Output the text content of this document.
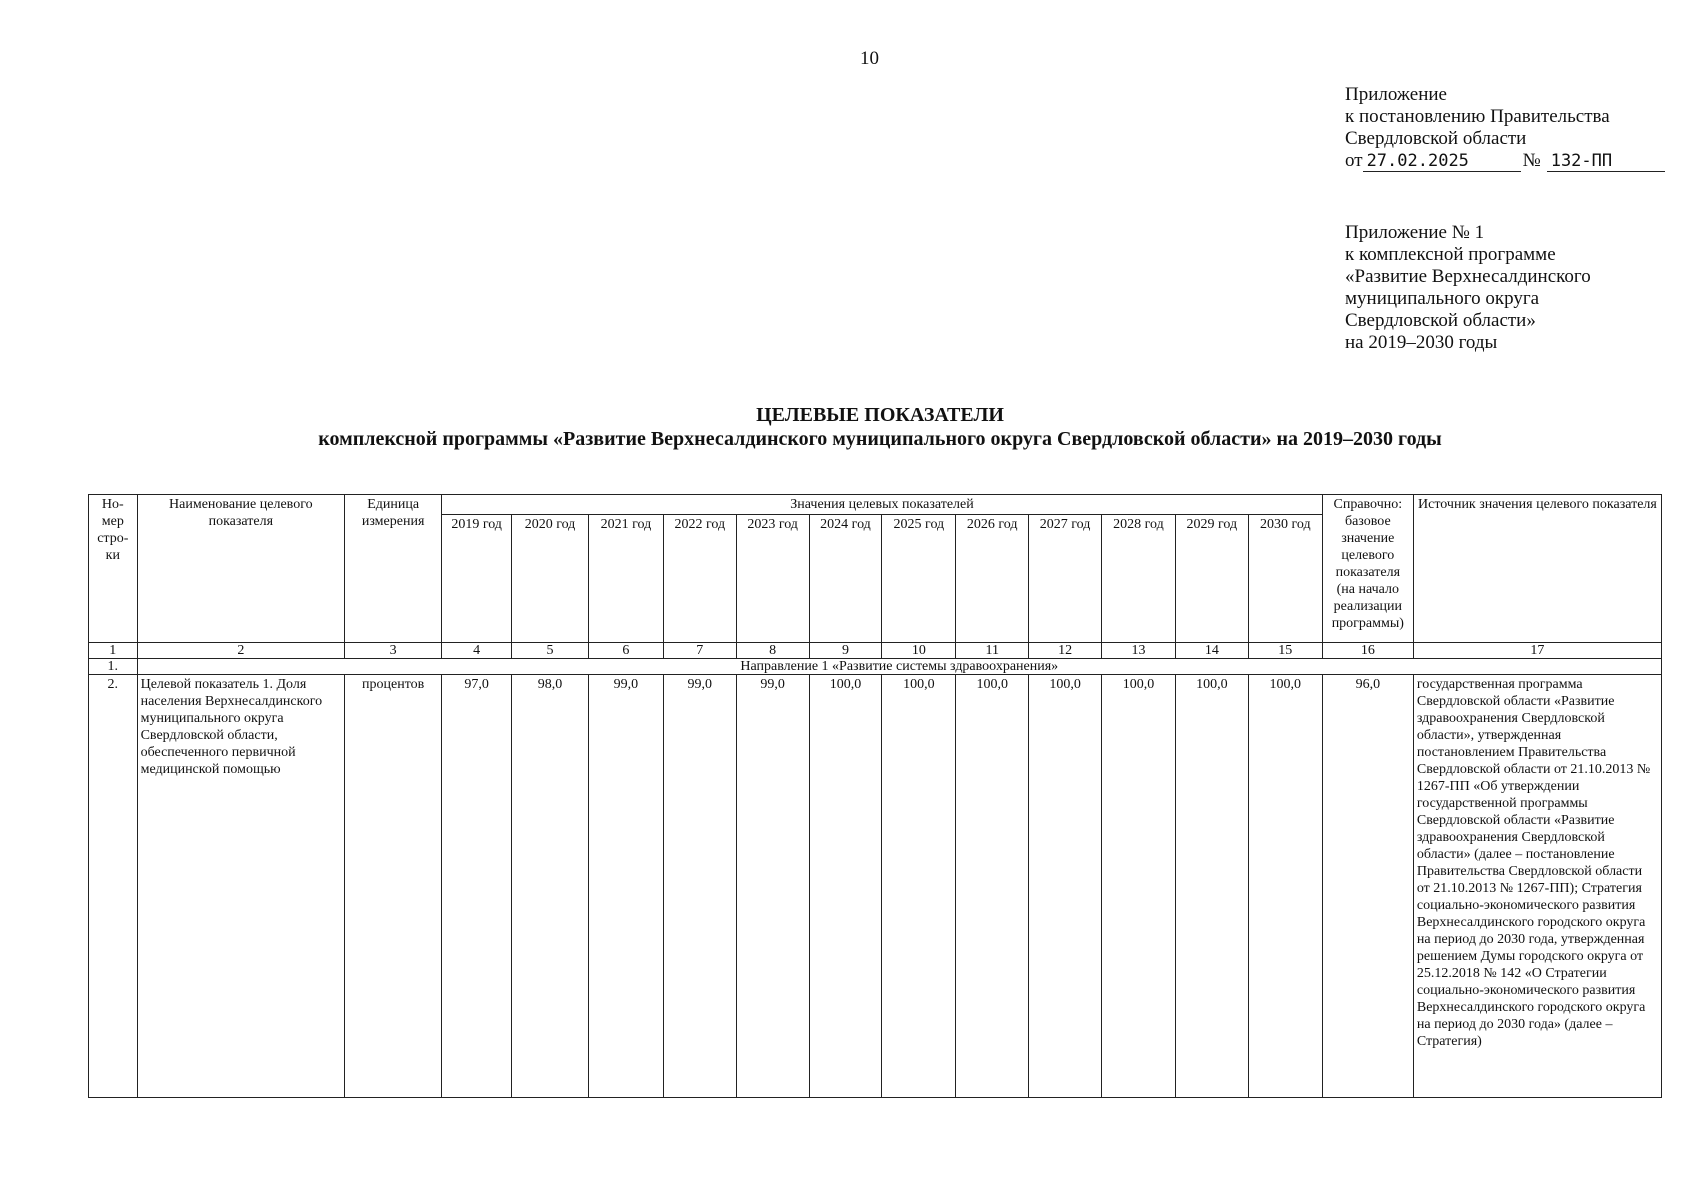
10
Приложение
к постановлению Правительства
Свердловской области
от 27.02.2025	№ 132-ПП
Приложение № 1
к комплексной программе
«Развитие Верхнесалдинского
муниципального округа
Свердловской области»
на 2019–2030 годы
ЦЕЛЕВЫЕ ПОКАЗАТЕЛИ
комплексной программы «Развитие Верхнесалдинского муниципального округа Свердловской области» на 2019–2030 годы
Но-
мер
стро-
ки	Наименование целевого показателя	Единица измерения	Значения целевых показателей												Справочно: базовое значение целевого показателя (на начало реализации программы)	Источник значения целевого показателя
			2019 год	2020 год	2021 год	2022 год	2023 год	2024 год	2025 год	2026 год	2027 год	2028 год	2029 год	2030 год		
1	2	3	4	5	6	7	8	9	10	11	12	13	14	15	16	17
1.	Направление 1 «Развитие системы здравоохранения»															
2.	Целевой показатель 1. Доля населения Верхнесалдинского муниципального округа Свердловской области, обеспеченного первичной медицинской помощью	процентов	97,0	98,0	99,0	99,0	99,0	100,0	100,0	100,0	100,0	100,0	100,0	100,0	96,0	государственная программа Свердловской области «Развитие здравоохранения Свердловской области», утвержденная постановлением Правительства Свердловской области от 21.10.2013 № 1267-ПП «Об утверждении государственной программы Свердловской области «Развитие здравоохранения Свердловской области» (далее – постановление Правительства Свердловской области от 21.10.2013 № 1267-ПП); Стратегия социально-экономического развития Верхнесалдинского городского округа на период до 2030 года, утвержденная решением Думы городского округа от 25.12.2018 № 142 «О Стратегии социально-экономического развития Верхнесалдинского городского округа на период до 2030 года» (далее – Стратегия)
